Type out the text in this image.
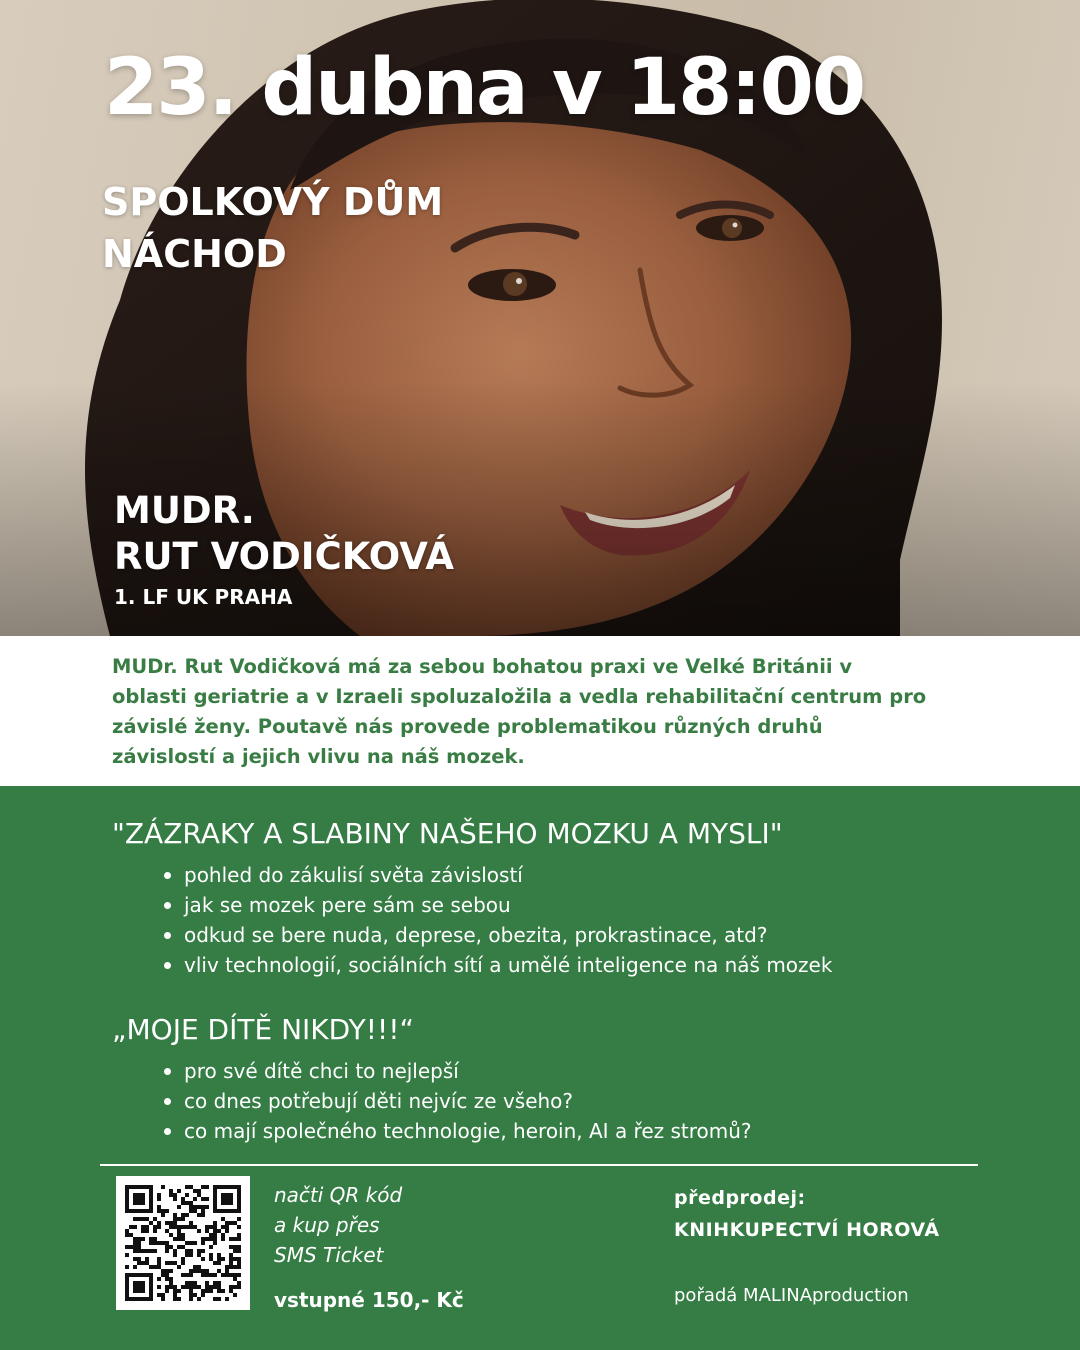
23. dubna v 18:00
SPOLKOVÝ DŮM
NÁCHOD
MUDR.
RUT VODIČKOVÁ
1. LF UK PRAHA
MUDr. Rut Vodičková má za sebou bohatou praxi ve Velké Británii v oblasti geriatrie a v Izraeli spoluzaložila a vedla rehabilitační centrum pro závislé ženy. Poutavě nás provede problematikou různých druhů závislostí a jejich vlivu na náš mozek.
"ZÁZRAKY A SLABINY NAŠEHO MOZKU A MYSLI"
pohled do zákulisí světa závislostí
jak se mozek pere sám se sebou
odkud se bere nuda, deprese, obezita, prokrastinace, atd?
vliv technologií, sociálních sítí a umělé inteligence na náš mozek
„MOJE DÍTĚ NIKDY!!!“
pro své dítě chci to nejlepší
co dnes potřebují děti nejvíc ze všeho?
co mají společného technologie, heroin, AI a řez stromů?
načti QR kód
a kup přes
SMS Ticket
vstupné 150,- Kč
předprodej:
KNIHKUPECTVÍ HOROVÁ
pořadá MALINAproduction
